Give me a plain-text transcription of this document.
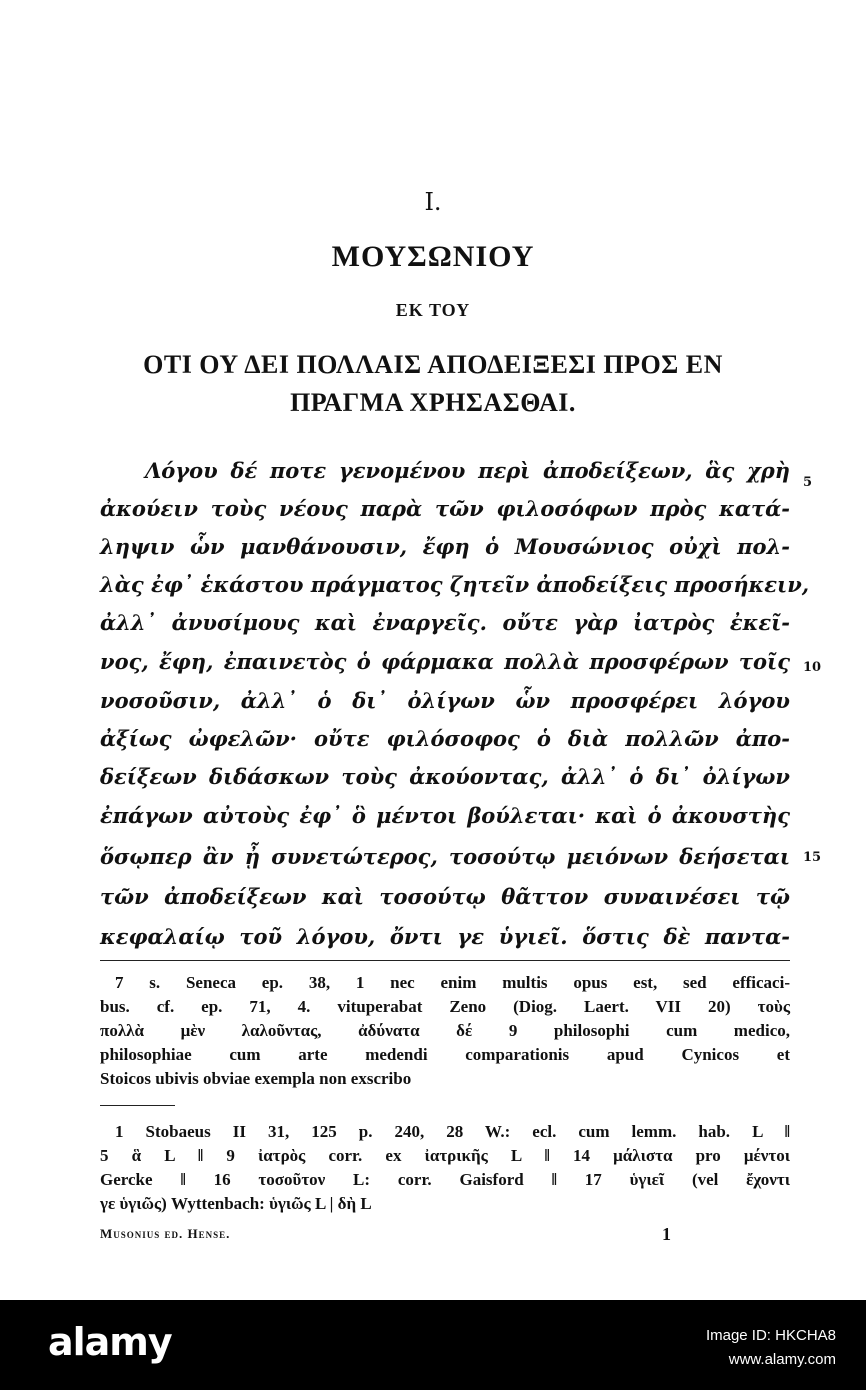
I.
ΜΟΥΣΩΝΙΟΥ
ΕΚ ΤΟΥ
ΟΤΙ ΟΥ ΔΕΙ ΠΟΛΛΑΙΣ ΑΠΟΔΕΙΞΕΣΙ ΠΡΟΣ ΕΝ
ΠΡΑΓΜΑ ΧΡΗΣΑΣΘΑΙ.
Λόγου δέ ποτε γενομένου περὶ ἀποδείξεων, ἃς χρὴ
ἀκούειν τοὺς νέους παρὰ τῶν φιλοσόφων πρὸς κατά-
ληψιν ὧν μανθάνουσιν, ἔφη ὁ Μουσώνιος οὐχὶ πολ-
λὰς ἐφ᾽ ἑκάστου πράγματος ζητεῖν ἀποδείξεις προσήκειν,
ἀλλ᾽ ἀνυσίμους καὶ ἐναργεῖς. οὔτε γὰρ ἰατρὸς ἐκεῖ-
νος, ἔφη, ἐπαινετὸς ὁ φάρμακα πολλὰ προσφέρων τοῖς
νοσοῦσιν, ἀλλ᾽ ὁ δι᾽ ὀλίγων ὧν προσφέρει λόγου
ἀξίως ὠφελῶν· οὔτε φιλόσοφος ὁ διὰ πολλῶν ἀπο-
δείξεων διδάσκων τοὺς ἀκούοντας, ἀλλ᾽ ὁ δι᾽ ὀλίγων
ἐπάγων αὐτοὺς ἐφ᾽ ὃ μέντοι βούλεται· καὶ ὁ ἀκουστὴς
ὅσῳπερ ἂν ᾖ συνετώτερος, τοσούτῳ μειόνων δεήσεται
τῶν ἀποδείξεων καὶ τοσούτῳ θᾶττον συναινέσει τῷ
κεφαλαίῳ τοῦ λόγου, ὄντι γε ὑγιεῖ. ὅστις δὲ παντα-
5
10
15
7 s. Seneca ep. 38, 1 nec enim multis opus est, sed efficaci-
bus. cf. ep. 71, 4. vituperabat Zeno (Diog. Laert. VII 20) τοὺς
πολλὰ μὲν λαλοῦντας, ἀδύνατα δέ 9 philosophi cum medico,
philosophiae cum arte medendi comparationis apud Cynicos et
Stoicos ubivis obviae exempla non exscribo
1 Stobaeus II 31, 125 p. 240, 28 W.: ecl. cum lemm. hab. L ‖
5 ἃ L ‖ 9 ἰατρὸς corr. ex ἰατρικῆς L ‖ 14 μάλιστα pro μέντοι
Gercke ‖ 16 τοσοῦτον L: corr. Gaisford ‖ 17 ὑγιεῖ (vel ἔχοντι
γε ὑγιῶς) Wyttenbach: ὑγιῶς L | δὴ L
Musonius ed. Hense.	1
alamy	Image ID: HKCHA8
www.alamy.com
